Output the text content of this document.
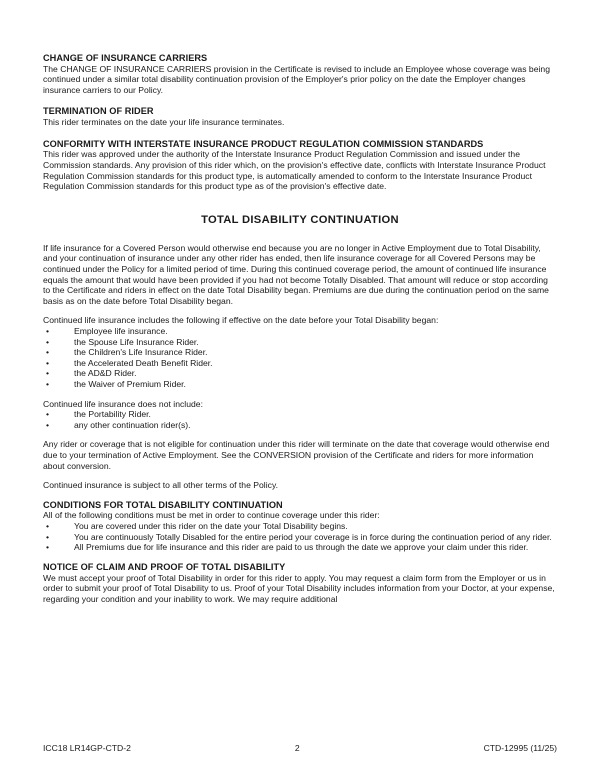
CHANGE OF INSURANCE CARRIERS

The CHANGE OF INSURANCE CARRIERS provision in the Certificate is revised to include an Employee whose coverage was being continued under a similar total disability continuation provision of the Employer's prior policy on the date the Employer changes insurance carriers to our Policy.

TERMINATION OF RIDER

This rider terminates on the date your life insurance terminates.

CONFORMITY WITH INTERSTATE INSURANCE PRODUCT REGULATION COMMISSION STANDARDS

This rider was approved under the authority of the Interstate Insurance Product Regulation Commission and issued under the Commission standards. Any provision of this rider which, on the provision's effective date, conflicts with Interstate Insurance Product Regulation Commission standards for this product type, is automatically amended to conform to the Interstate Insurance Product Regulation Commission standards for this product type as of the provision's effective date.

TOTAL DISABILITY CONTINUATION

If life insurance for a Covered Person would otherwise end because you are no longer in Active Employment due to Total Disability, and your continuation of insurance under any other rider has ended, then life insurance coverage for all Covered Persons may be continued under the Policy for a limited period of time. During this continued coverage period, the amount of continued life insurance equals the amount that would have been provided if you had not become Totally Disabled. That amount will reduce or stop according to the Certificate and riders in effect on the date Total Disability began. Premiums are due during the continuation period on the same basis as on the date before Total Disability began.

Continued life insurance includes the following if effective on the date before your Total Disability began:

•	Employee life insurance.
•	the Spouse Life Insurance Rider.
•	the Children's Life Insurance Rider.
•	the Accelerated Death Benefit Rider.
•	the AD&D Rider.
•	the Waiver of Premium Rider.

Continued life insurance does not include:

•	the Portability Rider.
•	any other continuation rider(s).

Any rider or coverage that is not eligible for continuation under this rider will terminate on the date that coverage would otherwise end due to your termination of Active Employment. See the CONVERSION provision of the Certificate and riders for more information about conversion.

Continued insurance is subject to all other terms of the Policy.

CONDITIONS FOR TOTAL DISABILITY CONTINUATION

All of the following conditions must be met in order to continue coverage under this rider:

•	You are covered under this rider on the date your Total Disability begins.
•	You are continuously Totally Disabled for the entire period your coverage is in force during the continuation period of any rider.
•	All Premiums due for life insurance and this rider are paid to us through the date we approve your claim under this rider.
NOTICE OF CLAIM AND PROOF OF TOTAL DISABILITY

We must accept your proof of Total Disability in order for this rider to apply. You may request a claim form from the Employer or us in order to submit your proof of Total Disability to us. Proof of your Total Disability includes information from your Doctor, at your expense, regarding your condition and your inability to work. We may require additional

ICC18 LR14GP-CTD-2	2	CTD-12995 (11/25)
